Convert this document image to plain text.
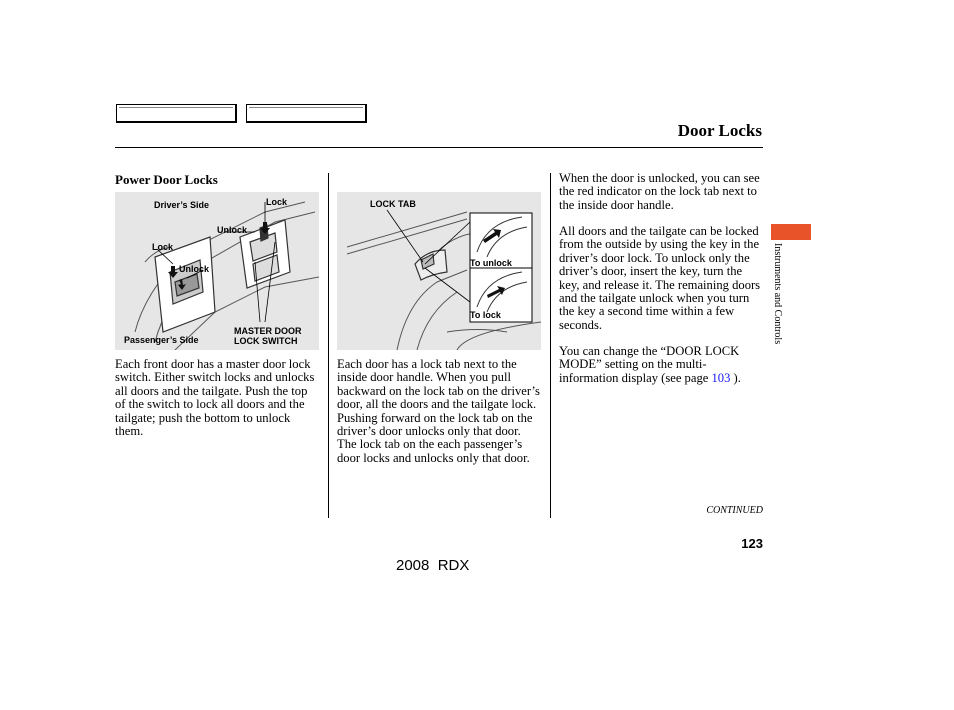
Door Locks
Power Door Locks
Driver’s Side	Lock
Unlock
Lock
Unlock
Passenger’s Side
MASTER DOOR
LOCK SWITCH
Each front door has a master door lock switch. Either switch locks and unlocks all doors and the tailgate. Push the top of the switch to lock all doors and the tailgate; push the bottom to unlock them.
LOCK TAB
To unlock
To lock
Each door has a lock tab next to the inside door handle. When you pull backward on the lock tab on the driver’s door, all the doors and the tailgate lock. Pushing forward on the lock tab on the driver’s door unlocks only that door. The lock tab on the each passenger’s door locks and unlocks only that door.
When the door is unlocked, you can see the red indicator on the lock tab next to the inside door handle.
All doors and the tailgate can be locked from the outside by using the key in the driver’s door lock. To unlock only the driver’s door, insert the key, turn the key, and release it. The remaining doors and the tailgate unlock when you turn the key a second time within a few seconds.
You can change the “DOOR LOCK MODE” setting on the multi-information display (see page 103 ).
Instruments and Controls
CONTINUED
123
2008  RDX
